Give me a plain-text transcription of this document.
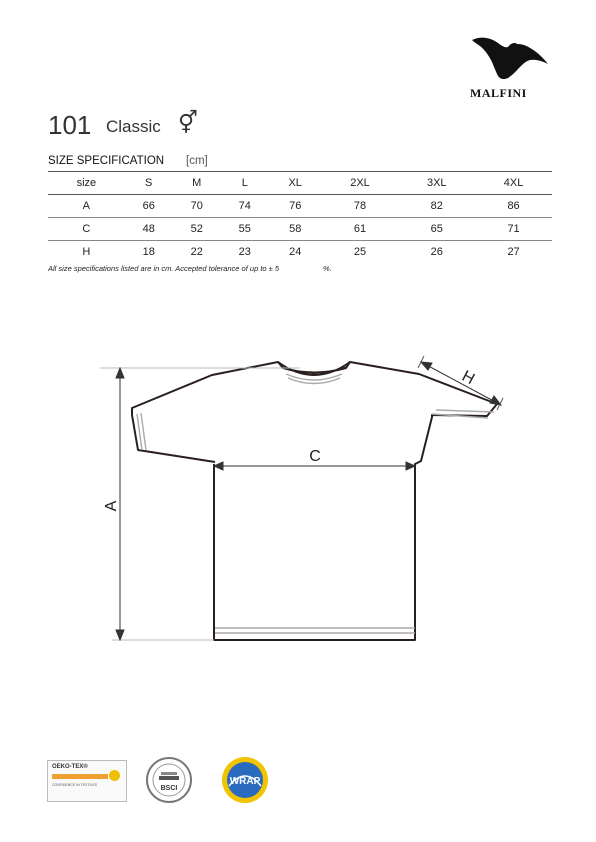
MALFINI
101 Classic ⚥
SIZE SPECIFICATION [cm]
size	S	M	L	XL	2XL	3XL	4XL
A	66	70	74	76	78	82	86
C	48	52	55	58	61	65	71
H	18	22	23	24	25	26	27
All size specifications listed are in cm. Accepted tolerance of up to ± 5	%.
A
C
H
OEKO-TEX®
CONFIDENCE IN TEXTILES	BSCI
WRAP
